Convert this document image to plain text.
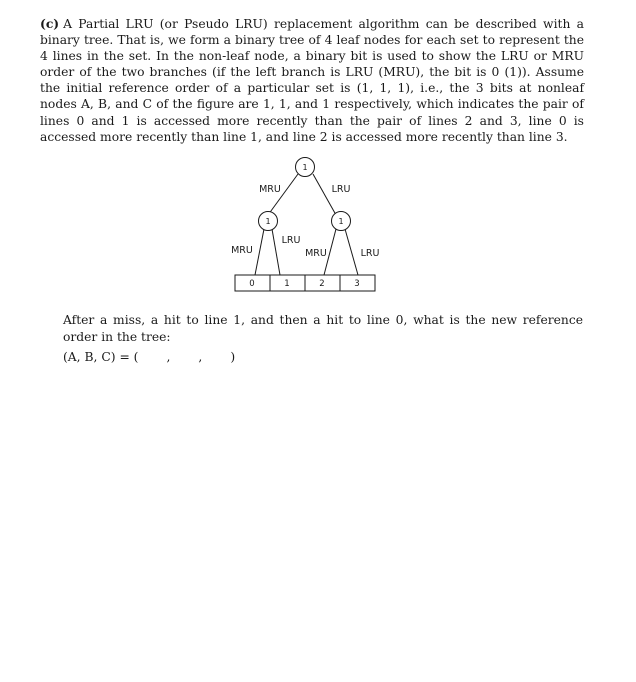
(c) A Partial LRU (or Pseudo LRU) replacement algorithm can be described with a binary tree. That is, we form a binary tree of 4 leaf nodes for each set to represent the 4 lines in the set. In the non-leaf node, a binary bit is used to show the LRU or MRU order of the two branches (if the left branch is LRU (MRU), the bit is 0 (1)). Assume the initial reference order of a particular set is (1, 1, 1), i.e., the 3 bits at nonleaf nodes A, B, and C of the figure are 1, 1, and 1 respectively, which indicates the pair of lines 0 and 1 is accessed more recently than the pair of lines 2 and 3, line 0 is accessed more recently than line 1, and line 2 is accessed more recently than line 3.

1
1	1
MRU	LRU
MRU
LRU
MRU	LRU
0	1	2	3

After a miss, a hit to line 1, and then a hit to line 0, what is the new reference order in the tree:

(A, B, C) = ( , , )
